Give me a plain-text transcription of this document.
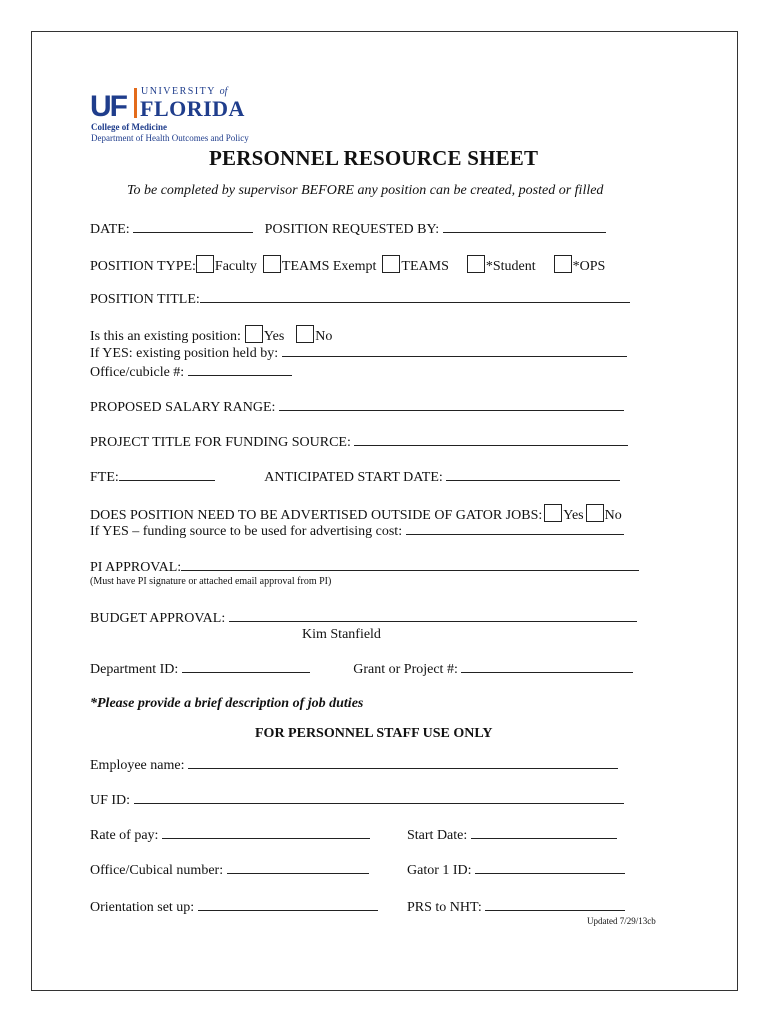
UF UNIVERSITY of
FLORIDA
College of Medicine
Department of Health Outcomes and Policy
PERSONNEL RESOURCE SHEET
To be completed by supervisor BEFORE any position can be created, posted or filled
DATE:	POSITION REQUESTED BY:
POSITION TYPE: Faculty TEAMS Exempt TEAMS	*Student	*OPS
POSITION TITLE:
Is this an existing position: Yes No
If YES: existing position held by:
Office/cubicle #:
PROPOSED SALARY RANGE:
PROJECT TITLE FOR FUNDING SOURCE:
FTE:	ANTICIPATED START DATE:
DOES POSITION NEED TO BE ADVERTISED OUTSIDE OF GATOR JOBS: Yes No
If YES – funding source to be used for advertising cost:
PI APPROVAL:
(Must have PI signature or attached email approval from PI)
BUDGET APPROVAL:
Kim Stanfield
Department ID:	Grant or Project #:
*Please provide a brief description of job duties
FOR PERSONNEL STAFF USE ONLY
Employee name:
UF ID:
Rate of pay:	Start Date:
Office/Cubical number:	Gator 1 ID:
Orientation set up:	PRS to NHT:
Updated 7/29/13cb
